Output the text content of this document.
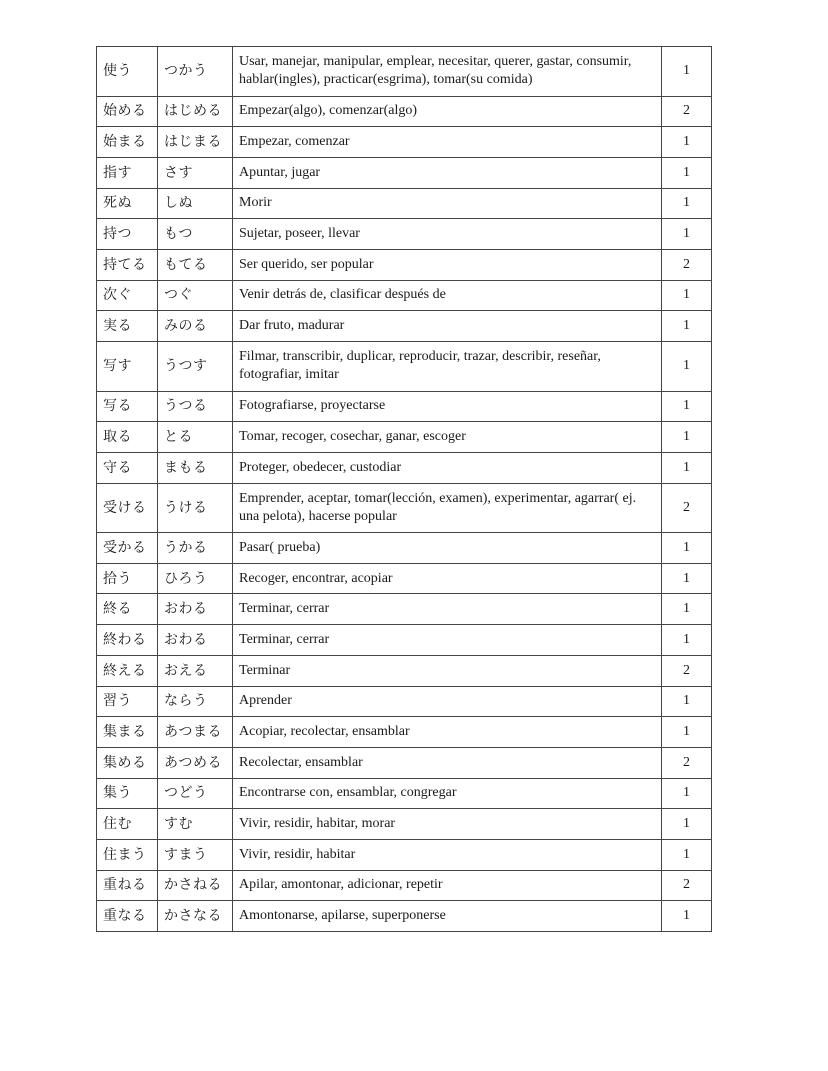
使う	つかう	Usar, manejar, manipular, emplear, necesitar, querer, gastar, consumir, hablar(ingles), practicar(esgrima), tomar(su comida)	1
始める	はじめる	Empezar(algo), comenzar(algo)	2
始まる	はじまる	Empezar, comenzar	1
指す	さす	Apuntar, jugar	1
死ぬ	しぬ	Morir	1
持つ	もつ	Sujetar, poseer, llevar	1
持てる	もてる	Ser querido, ser popular	2
次ぐ	つぐ	Venir detrás de, clasificar después de	1
実る	みのる	Dar fruto, madurar	1
写す	うつす	Filmar, transcribir, duplicar, reproducir, trazar, describir, reseñar, fotografiar, imitar	1
写る	うつる	Fotografiarse, proyectarse	1
取る	とる	Tomar, recoger, cosechar, ganar, escoger	1
守る	まもる	Proteger, obedecer, custodiar	1
受ける	うける	Emprender, aceptar, tomar(lección, examen), experimentar, agarrar( ej. una pelota), hacerse popular	2
受かる	うかる	Pasar( prueba)	1
拾う	ひろう	Recoger, encontrar, acopiar	1
終る	おわる	Terminar, cerrar	1
終わる	おわる	Terminar, cerrar	1
終える	おえる	Terminar	2
習う	ならう	Aprender	1
集まる	あつまる	Acopiar, recolectar, ensamblar	1
集める	あつめる	Recolectar, ensamblar	2
集う	つどう	Encontrarse con, ensamblar, congregar	1
住む	すむ	Vivir, residir, habitar, morar	1
住まう	すまう	Vivir, residir, habitar	1
重ねる	かさねる	Apilar, amontonar, adicionar, repetir	2
重なる	かさなる	Amontonarse, apilarse, superponerse	1
